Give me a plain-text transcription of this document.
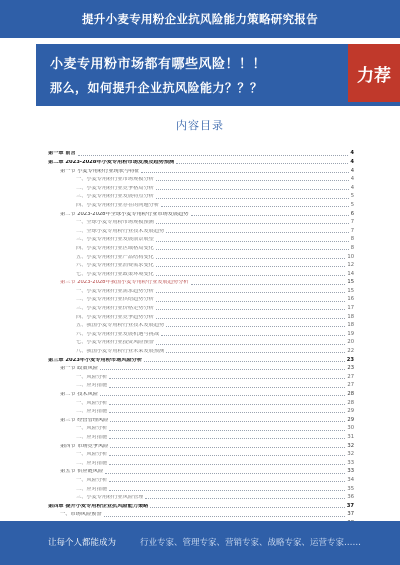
提升小麦专用粉企业抗风险能力策略研究报告
小麦专用粉市场都有哪些风险！！！
那么，如何提升企业抗风险能力？？？
力荐
内容目录
第一章 前言	4
第二章 2023-2028年小麦专用粉市场发展及趋势预测	4
第一节 小麦专用粉行业现状与特征	4
一、小麦专用粉行业市场规模分析	4
二、小麦专用粉行业竞争格局分析	4
三、小麦专用粉行业发展特点分析	5
四、小麦专用粉行业存在的问题分析	5
第二节 2023-2028年全球小麦专用粉行业市场发展趋势	6
一、全球小麦专用粉市场规模预测	7
二、全球小麦专用粉行业技术发展趋势	7
三、小麦专用粉行业发展前景展望	8
四、小麦专用粉行业区域格局变化	8
五、小麦专用粉行业产品结构变化	10
六、小麦专用粉行业消费需求变化	12
七、小麦专用粉行业政策环境变化	14
第三节 2023-2028年我国小麦专用粉行业发展趋势分析	15
一、小麦专用粉行业需求趋势分析	15
二、小麦专用粉行业供给趋势分析	16
三、小麦专用粉行业价格走势分析	17
四、小麦专用粉行业竞争趋势分析	18
五、我国小麦专用粉行业技术发展趋势	18
六、小麦专用粉行业发展机遇与挑战	19
七、小麦专用粉行业投资风险预警	20
八、我国小麦专用粉行业未来发展预测	22
第三章 2023年小麦专用粉市场风险分析	23
第一节 政策风险	23
一、风险分析	27
二、应对措施	27
第二节 技术风险	28
一、风险分析	28
二、应对措施	29
第三节 经营管理风险	29
一、风险分析	30
二、应对措施	31
第四节 市场竞争风险	32
一、风险分析	32
二、应对措施	33
第五节 供应链风险	33
一、风险分析	34
二、应对措施	35
三、小麦专用粉行业风险管理	36
第四章 提升小麦专用粉企业抗风险能力策略	37
一、市场风险预警	37
让每个人都能成为	行业专家、管理专家、营销专家、战略专家、运营专家……
